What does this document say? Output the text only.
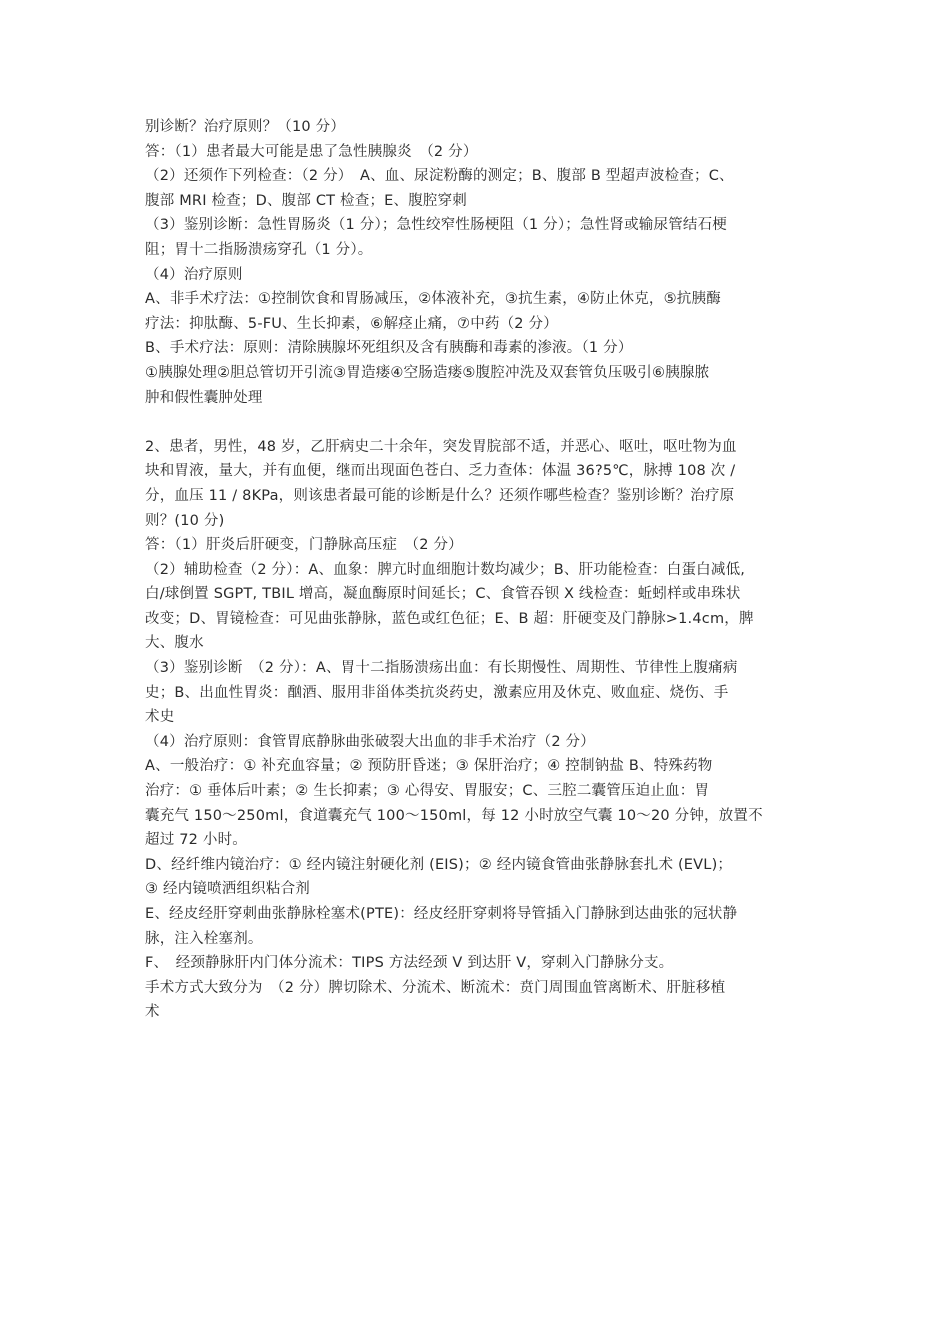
别诊断？治疗原则？（10 分）
答：（1）患者最大可能是患了急性胰腺炎　（2 分）
（2）还须作下列检查：（2 分）　A、血、尿淀粉酶的测定；B、腹部 B 型超声波检查；C、
腹部 MRI 检查；D、腹部 CT 检查；E、腹腔穿刺
（3）鉴别诊断：急性胃肠炎（1 分）；急性绞窄性肠梗阻（1 分）；急性肾或输尿管结石梗
阻；胃十二指肠溃疡穿孔（1 分）。
（4）治疗原则
A、非手术疗法：①控制饮食和胃肠减压，②体液补充，③抗生素，④防止休克，⑤抗胰酶
疗法：抑肽酶、5-FU、生长抑素，⑥解痉止痛，⑦中药（2 分）
B、手术疗法：原则：清除胰腺坏死组织及含有胰酶和毒素的渗液。（1 分）
①胰腺处理②胆总管切开引流③胃造瘘④空肠造瘘⑤腹腔冲洗及双套管负压吸引⑥胰腺脓
肿和假性囊肿处理
2、患者，男性，48 岁，乙肝病史二十余年，突发胃脘部不适，并恶心、呕吐，呕吐物为血
块和胃液，量大，并有血便，继而出现面色苍白、乏力查体：体温 36?5℃，脉搏 108 次 /
分，血压 11 / 8KPa，则该患者最可能的诊断是什么？还须作哪些检查？鉴别诊断？治疗原
则？(10 分)
答：（1）肝炎后肝硬变，门静脉高压症　（2 分）
（2）辅助检查（2 分）：A、血象：脾亢时血细胞计数均减少；B、肝功能检查：白蛋白减低,
白/球倒置 SGPT, TBIL 增高，凝血酶原时间延长；C、食管吞钡 X 线检查：蚯蚓样或串珠状
改变；D、胃镜检查：可见曲张静脉，蓝色或红色征；E、B 超：肝硬变及门静脉>1.4cm，脾
大、腹水
（3）鉴别诊断　（2 分）：A、胃十二指肠溃疡出血：有长期慢性、周期性、节律性上腹痛病
史；B、出血性胃炎：酗酒、服用非甾体类抗炎药史，激素应用及休克、败血症、烧伤、手
术史
（4）治疗原则：食管胃底静脉曲张破裂大出血的非手术治疗（2 分）
A、一般治疗：① 补充血容量；② 预防肝昏迷；③ 保肝治疗；④ 控制钠盐 B、特殊药物
治疗：① 垂体后叶素；② 生长抑素；③ 心得安、胃服安；C、三腔二囊管压迫止血：胃
囊充气 150～250ml，食道囊充气 100～150ml，每 12 小时放空气囊 10～20 分钟，放置不
超过 72 小时。
D、经纤维内镜治疗：① 经内镜注射硬化剂 (EIS)；② 经内镜食管曲张静脉套扎术 (EVL)；
③ 经内镜喷洒组织粘合剂
E、经皮经肝穿刺曲张静脉栓塞术(PTE)：经皮经肝穿刺将导管插入门静脉到达曲张的冠状静
脉，注入栓塞剂。
F、　经颈静脉肝内门体分流术：TIPS 方法经颈 V 到达肝 V，穿刺入门静脉分支。
手术方式大致分为　（2 分）脾切除术、分流术、断流术：贲门周围血管离断术、肝脏移植
术
